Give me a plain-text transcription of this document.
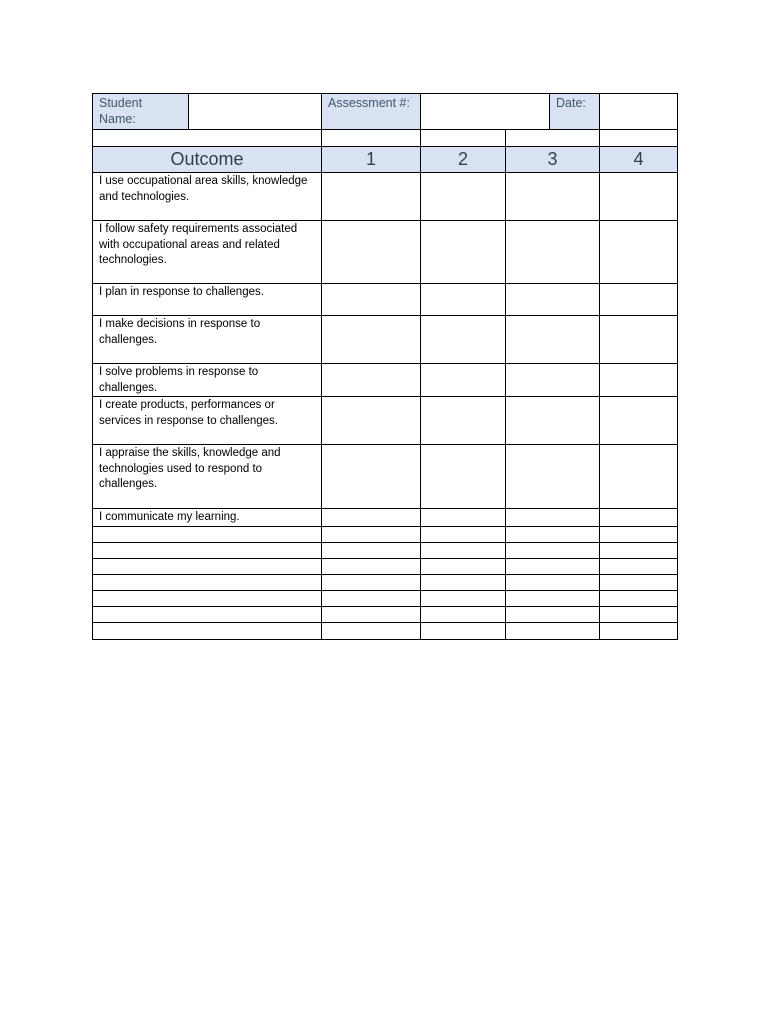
Student Name:		Assessment #:			Date:	

Outcome		1	2	3		4
I use occupational area skills, knowledge and technologies.						
I follow safety requirements associated with occupational areas and related technologies.						
I plan in response to challenges.						
I make decisions in response to challenges.						
I solve problems in response to challenges.						
I create products, performances or services in response to challenges.						
I appraise the skills, knowledge and technologies used to respond to challenges.						
I communicate my learning.						
